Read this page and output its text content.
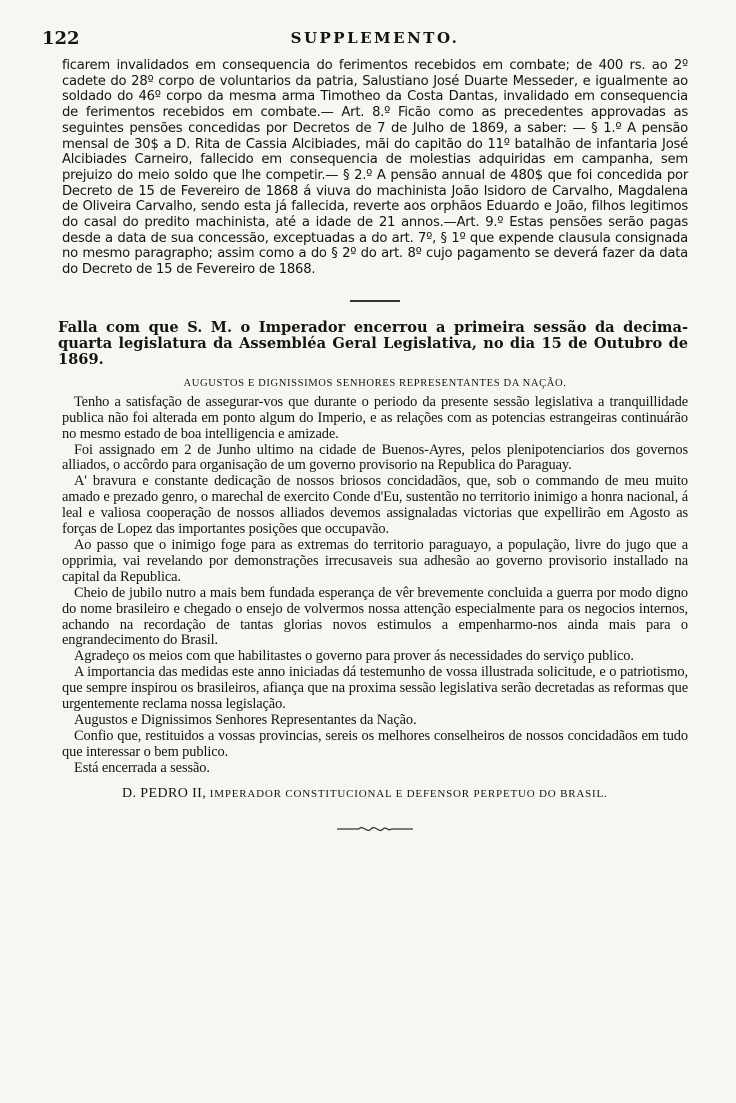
122	SUPPLEMENTO.

ficarem invalidados em consequencia do ferimentos recebidos em combate; de 400 rs. ao 2º cadete do 28º corpo de voluntarios da patria, Salustiano José Duarte Messeder, e igualmente ao soldado do 46º corpo da mesma arma Timotheo da Costa Dantas, invalidado em consequencia de ferimentos recebidos em combate.— Art. 8.º Ficão como as precedentes approvadas as seguintes pensões concedidas por Decretos de 7 de Julho de 1869, a saber: — § 1.º A pensão mensal de 30$ a D. Rita de Cassia Alcibiades, mãi do capitão do 11º batalhão de infantaria José Alcibiades Carneiro, fallecido em consequencia de molestias adquiridas em campanha, sem prejuizo do meio soldo que lhe competir.— § 2.º A pensão annual de 480$ que foi concedida por Decreto de 15 de Fevereiro de 1868 á viuva do machinista João Isidoro de Carvalho, Magdalena de Oliveira Carvalho, sendo esta já fallecida, reverte aos orphãos Eduardo e João, filhos legitimos do casal do predito machinista, até a idade de 21 annos.—Art. 9.º Estas pensões serão pagas desde a data de sua concessão, exceptuadas a do art. 7º, § 1º que expende clausula consignada no mesmo paragrapho; assim como a do § 2º do art. 8º cujo pagamento se deverá fazer da data do Decreto de 15 de Fevereiro de 1868.

Falla com que S. M. o Imperador encerrou a primeira sessão da decima-quarta legislatura da Assembléa Geral Legislativa, no dia 15 de Outubro de 1869.
AUGUSTOS E DIGNISSIMOS SENHORES REPRESENTANTES DA NAÇÃO.

Tenho a satisfação de assegurar-vos que durante o periodo da presente sessão legislativa a tranquillidade publica não foi alterada em ponto algum do Imperio, e as relações com as potencias estrangeiras continuárão no mesmo estado de boa intelligencia e amizade.

Foi assignado em 2 de Junho ultimo na cidade de Buenos-Ayres, pelos plenipotenciarios dos governos alliados, o accôrdo para organisação de um governo provisorio na Republica do Paraguay.

A' bravura e constante dedicação de nossos briosos concidadãos, que, sob o commando de meu muito amado e prezado genro, o marechal de exercito Conde d'Eu, sustentão no territorio inimigo a honra nacional, á leal e valiosa cooperação de nossos alliados devemos assignaladas victorias que expellirão em Agosto as forças de Lopez das importantes posições que occupavão.

Ao passo que o inimigo foge para as extremas do territorio paraguayo, a população, livre do jugo que a opprimia, vai revelando por demonstrações irrecusaveis sua adhesão ao governo provisorio installado na capital da Republica.

Cheio de jubilo nutro a mais bem fundada esperança de vêr brevemente concluida a guerra por modo digno do nome brasileiro e chegado o ensejo de volvermos nossa attenção especialmente para os negocios internos, achando na recordação de tantas glorias novos estimulos a empenharmo-nos ainda mais para o engrandecimento do Brasil.

Agradeço os meios com que habilitastes o governo para prover ás necessidades do serviço publico.

A importancia das medidas este anno iniciadas dá testemunho de vossa illustrada solicitude, e o patriotismo, que sempre inspirou os brasileiros, afiança que na proxima sessão legislativa serão decretadas as reformas que urgentemente reclama nossa legislação.

Augustos e Dignissimos Senhores Representantes da Nação.

Confio que, restituidos a vossas provincias, sereis os melhores conselheiros de nossos concidadãos em tudo que interessar o bem publico.

Está encerrada a sessão.

D. PEDRO II, IMPERADOR CONSTITUCIONAL E DEFENSOR PERPETUO DO BRASIL.
